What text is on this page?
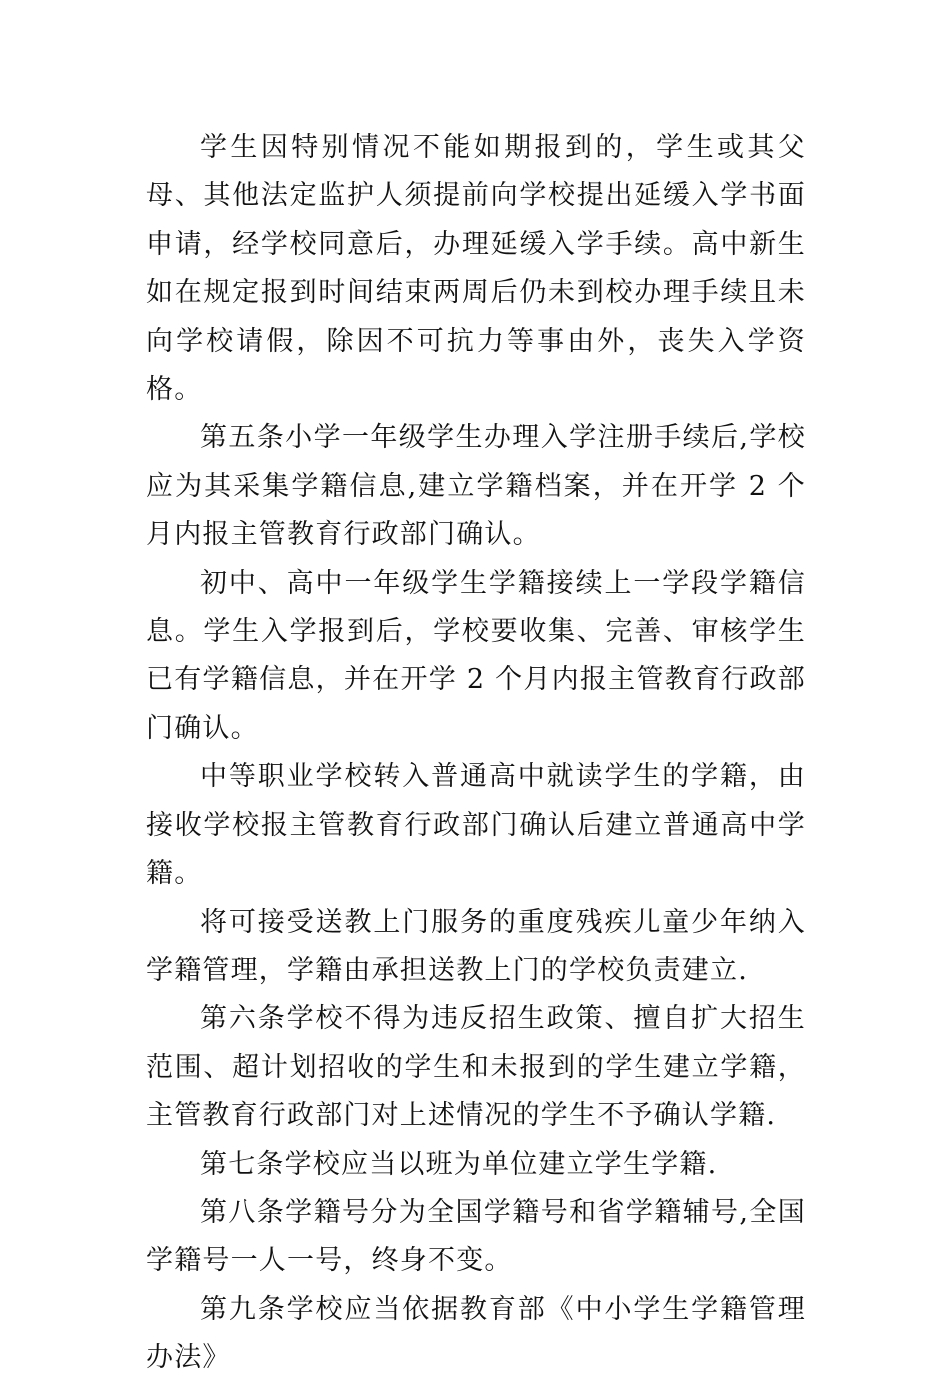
学生因特别情况不能如期报到的，学生或其父母、其他法定监护人须提前向学校提出延缓入学书面申请，经学校同意后，办理延缓入学手续。高中新生如在规定报到时间结束两周后仍未到校办理手续且未向学校请假，除因不可抗力等事由外，丧失入学资格。

第五条小学一年级学生办理入学注册手续后,学校应为其采集学籍信息,建立学籍档案，并在开学 2 个月内报主管教育行政部门确认。

初中、高中一年级学生学籍接续上一学段学籍信息。学生入学报到后，学校要收集、完善、审核学生已有学籍信息，并在开学 2 个月内报主管教育行政部门确认。

中等职业学校转入普通高中就读学生的学籍，由接收学校报主管教育行政部门确认后建立普通高中学籍。

将可接受送教上门服务的重度残疾儿童少年纳入学籍管理，学籍由承担送教上门的学校负责建立.

第六条学校不得为违反招生政策、擅自扩大招生范围、超计划招收的学生和未报到的学生建立学籍，主管教育行政部门对上述情况的学生不予确认学籍.

第七条学校应当以班为单位建立学生学籍.

第八条学籍号分为全国学籍号和省学籍辅号,全国学籍号一人一号，终身不变。

第九条学校应当依据教育部《中小学生学籍管理办法》
